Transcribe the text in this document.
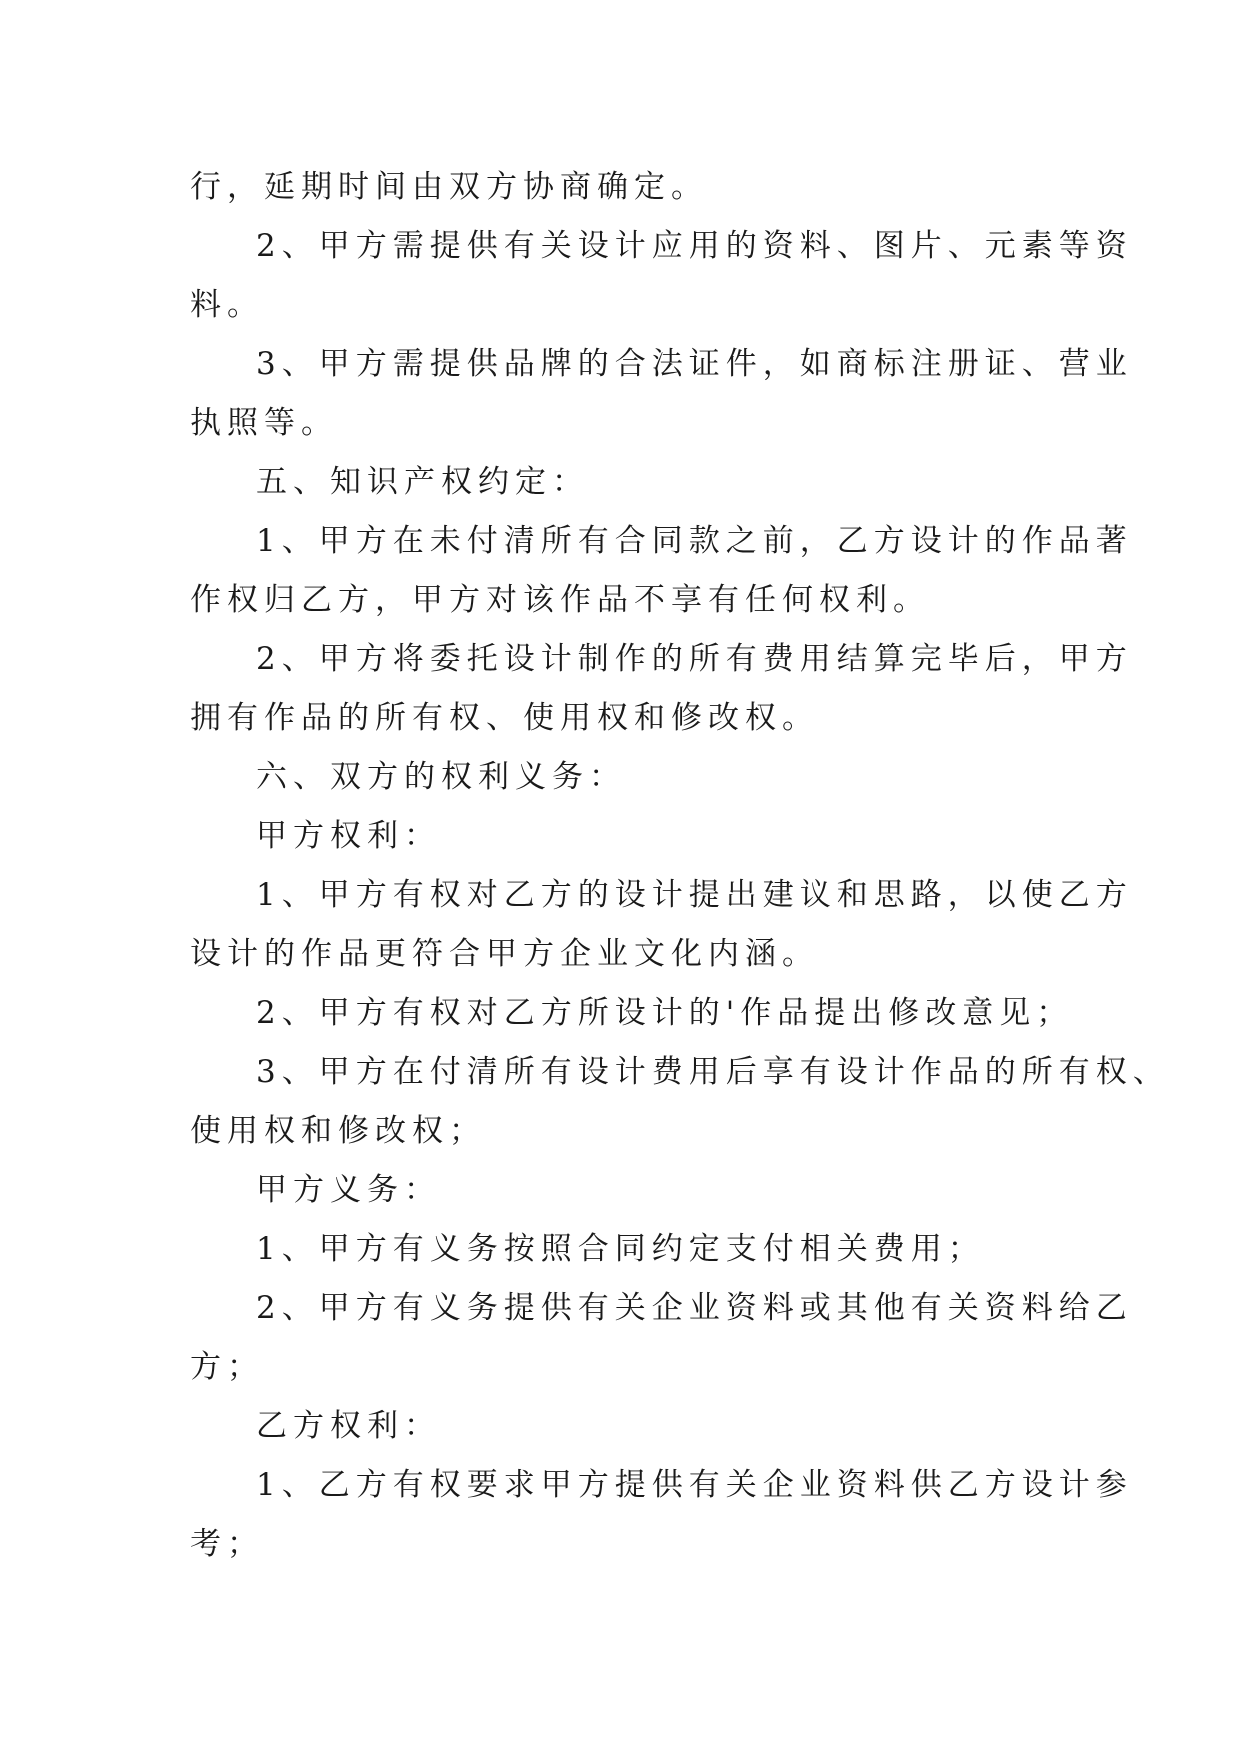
行，延期时间由双方协商确定。
2、甲方需提供有关设计应用的资料、图片、元素等资
料。
3、甲方需提供品牌的合法证件，如商标注册证、营业
执照等。
五、知识产权约定：
1、甲方在未付清所有合同款之前，乙方设计的作品著
作权归乙方，甲方对该作品不享有任何权利。
2、甲方将委托设计制作的所有费用结算完毕后，甲方
拥有作品的所有权、使用权和修改权。
六、双方的权利义务：
甲方权利：
1、甲方有权对乙方的设计提出建议和思路，以使乙方
设计的作品更符合甲方企业文化内涵。
2、甲方有权对乙方所设计的'作品提出修改意见；
3、甲方在付清所有设计费用后享有设计作品的所有权、
使用权和修改权；
甲方义务：
1、甲方有义务按照合同约定支付相关费用；
2、甲方有义务提供有关企业资料或其他有关资料给乙
方；
乙方权利：
1、乙方有权要求甲方提供有关企业资料供乙方设计参
考；
